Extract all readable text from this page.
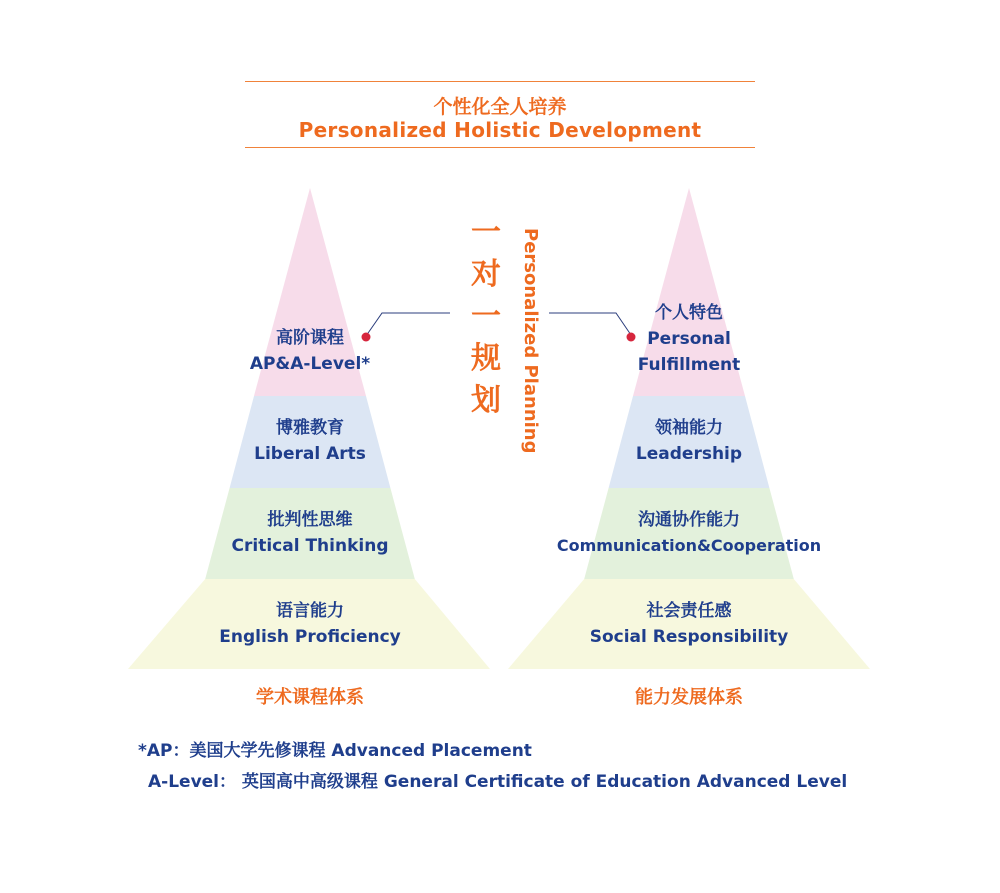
个性化全人培养
Personalized Holistic Development
高阶课程
AP&A-Level*
博雅教育
Liberal Arts
批判性思维
Critical Thinking
语言能力
English Proficiency
学术课程体系
个人特色
Personal
Fulfillment
领袖能力
Leadership
沟通协作能力
Communication&Cooperation
社会责任感
Social Responsibility
能力发展体系
一
对
一
规
划 Personalized Planning
*AP：美国大学先修课程 Advanced Placement
A-Level： 英国高中高级课程 General Certificate of Education Advanced Level
